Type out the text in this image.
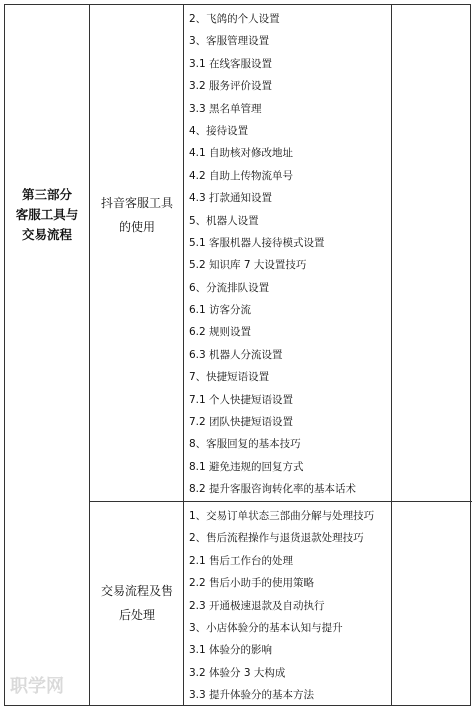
第三部分
客服工具与
交易流程
抖音客服工具
的使用
交易流程及售
后处理
2、飞鸽的个人设置
3、客服管理设置
3.1 在线客服设置
3.2 服务评价设置
3.3 黑名单管理
4、接待设置
4.1 自助核对修改地址
4.2 自助上传物流单号
4.3 打款通知设置
5、机器人设置
5.1 客服机器人接待模式设置
5.2 知识库 7 大设置技巧
6、分流排队设置
6.1 访客分流
6.2 规则设置
6.3 机器人分流设置
7、快捷短语设置
7.1 个人快捷短语设置
7.2 团队快捷短语设置
8、客服回复的基本技巧
8.1 避免违规的回复方式
8.2 提升客服咨询转化率的基本话术
1、交易订单状态三部曲分解与处理技巧
2、售后流程操作与退货退款处理技巧
2.1 售后工作台的处理
2.2 售后小助手的使用策略
2.3 开通极速退款及自动执行
3、小店体验分的基本认知与提升
3.1 体验分的影响
3.2 体验分 3 大构成
3.3 提升体验分的基本方法
职学网
